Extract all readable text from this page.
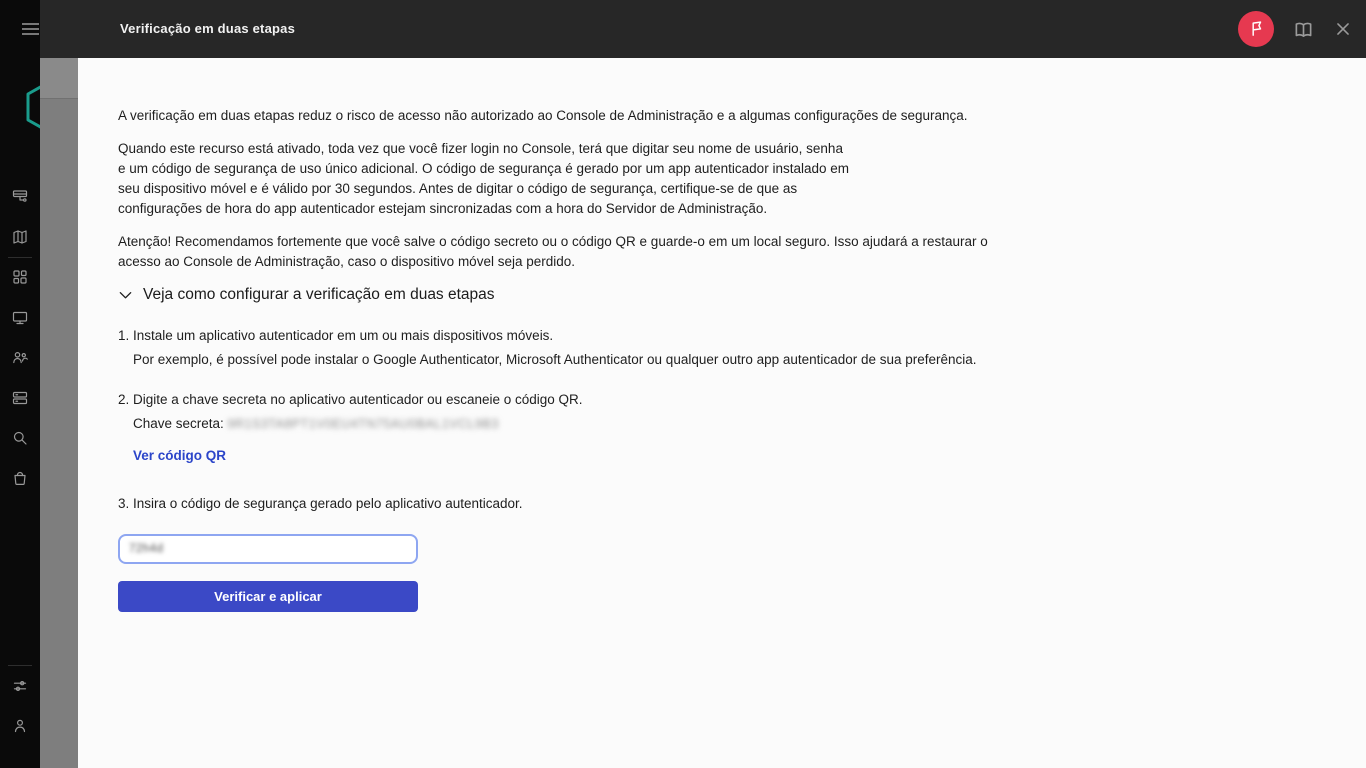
Verificação em duas etapas

A verificação em duas etapas reduz o risco de acesso não autorizado ao Console de Administração e a algumas configurações de segurança.

Quando este recurso está ativado, toda vez que você fizer login no Console, terá que digitar seu nome de usuário, senha e um código de segurança de uso único adicional. O código de segurança é gerado por um app autenticador instalado em seu dispositivo móvel e é válido por 30 segundos. Antes de digitar o código de segurança, certifique-se de que as configurações de hora do app autenticador estejam sincronizadas com a hora do Servidor de Administração.

Atenção! Recomendamos fortemente que você salve o código secreto ou o código QR e guarde-o em um local seguro. Isso ajudará a restaurar o acesso ao Console de Administração, caso o dispositivo móvel seja perdido.

Veja como configurar a verificação em duas etapas
1. Instale um aplicativo autenticador em um ou mais dispositivos móveis.
Por exemplo, é possível pode instalar o Google Authenticator, Microsoft Authenticator ou qualquer outro app autenticador de sua preferência.
2. Digite a chave secreta no aplicativo autenticador ou escaneie o código QR.
Chave secreta: 9R1S3TA8PT1V0EU4TN75AU0BAL1VCL9B3
Ver código QR
3. Insira o código de segurança gerado pelo aplicativo autenticador.
72h4d
Verificar e aplicar
